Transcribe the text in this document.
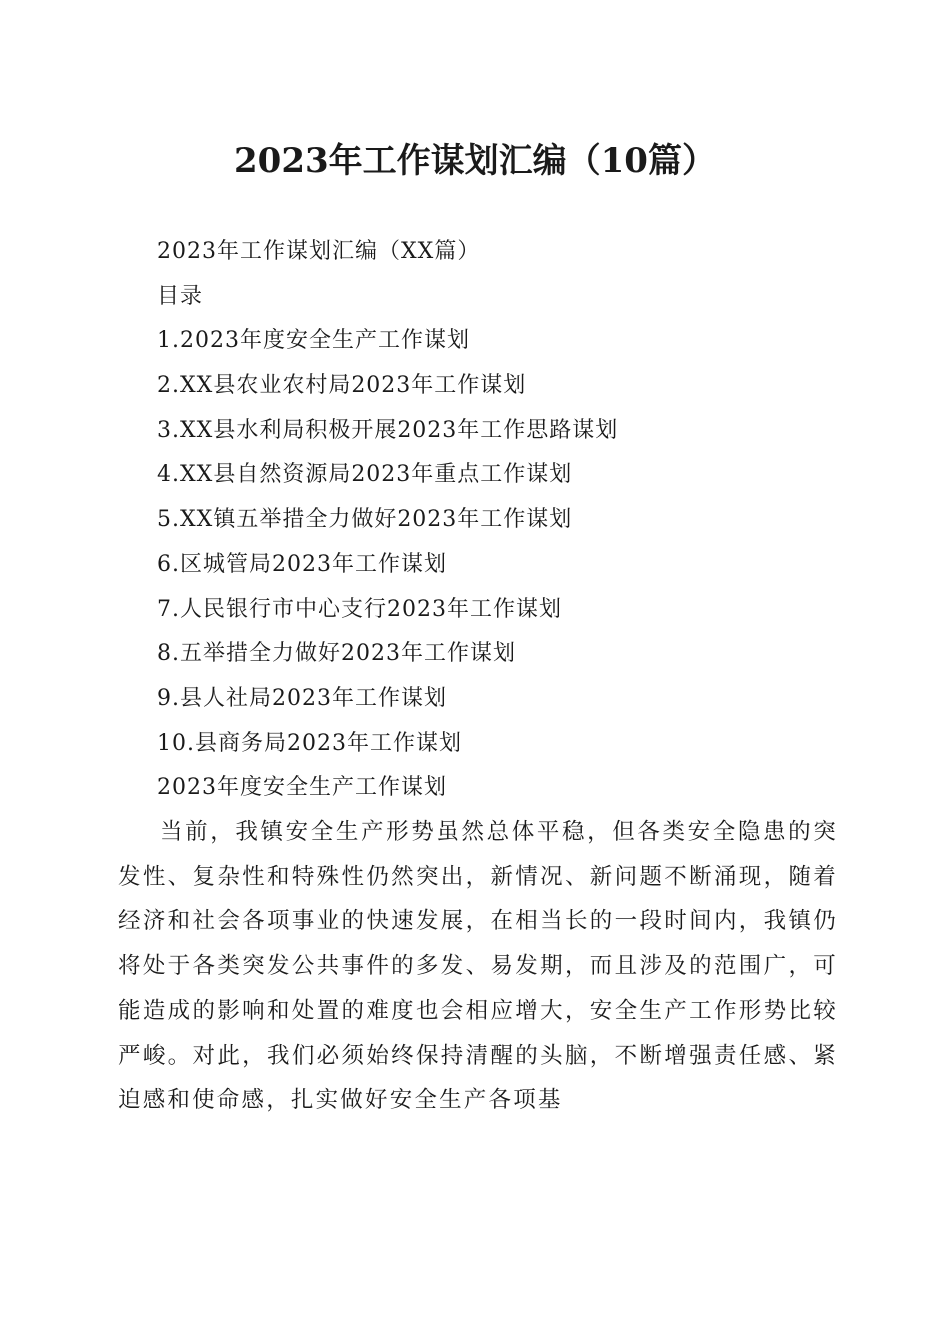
2023年工作谋划汇编（10篇）
2023年工作谋划汇编（XX篇）
目录
1.2023年度安全生产工作谋划
2.XX县农业农村局2023年工作谋划
3.XX县水利局积极开展2023年工作思路谋划
4.XX县自然资源局2023年重点工作谋划
5.XX镇五举措全力做好2023年工作谋划
6.区城管局2023年工作谋划
7.人民银行市中心支行2023年工作谋划
8.五举措全力做好2023年工作谋划
9.县人社局2023年工作谋划
10.县商务局2023年工作谋划
2023年度安全生产工作谋划

当前，我镇安全生产形势虽然总体平稳，但各类安全隐患的突发性、复杂性和特殊性仍然突出，新情况、新问题不断涌现，随着经济和社会各项事业的快速发展，在相当长的一段时间内，我镇仍将处于各类突发公共事件的多发、易发期，而且涉及的范围广，可能造成的影响和处置的难度也会相应增大，安全生产工作形势比较严峻。对此，我们必须始终保持清醒的头脑，不断增强责任感、紧迫感和使命感，扎实做好安全生产各项基
